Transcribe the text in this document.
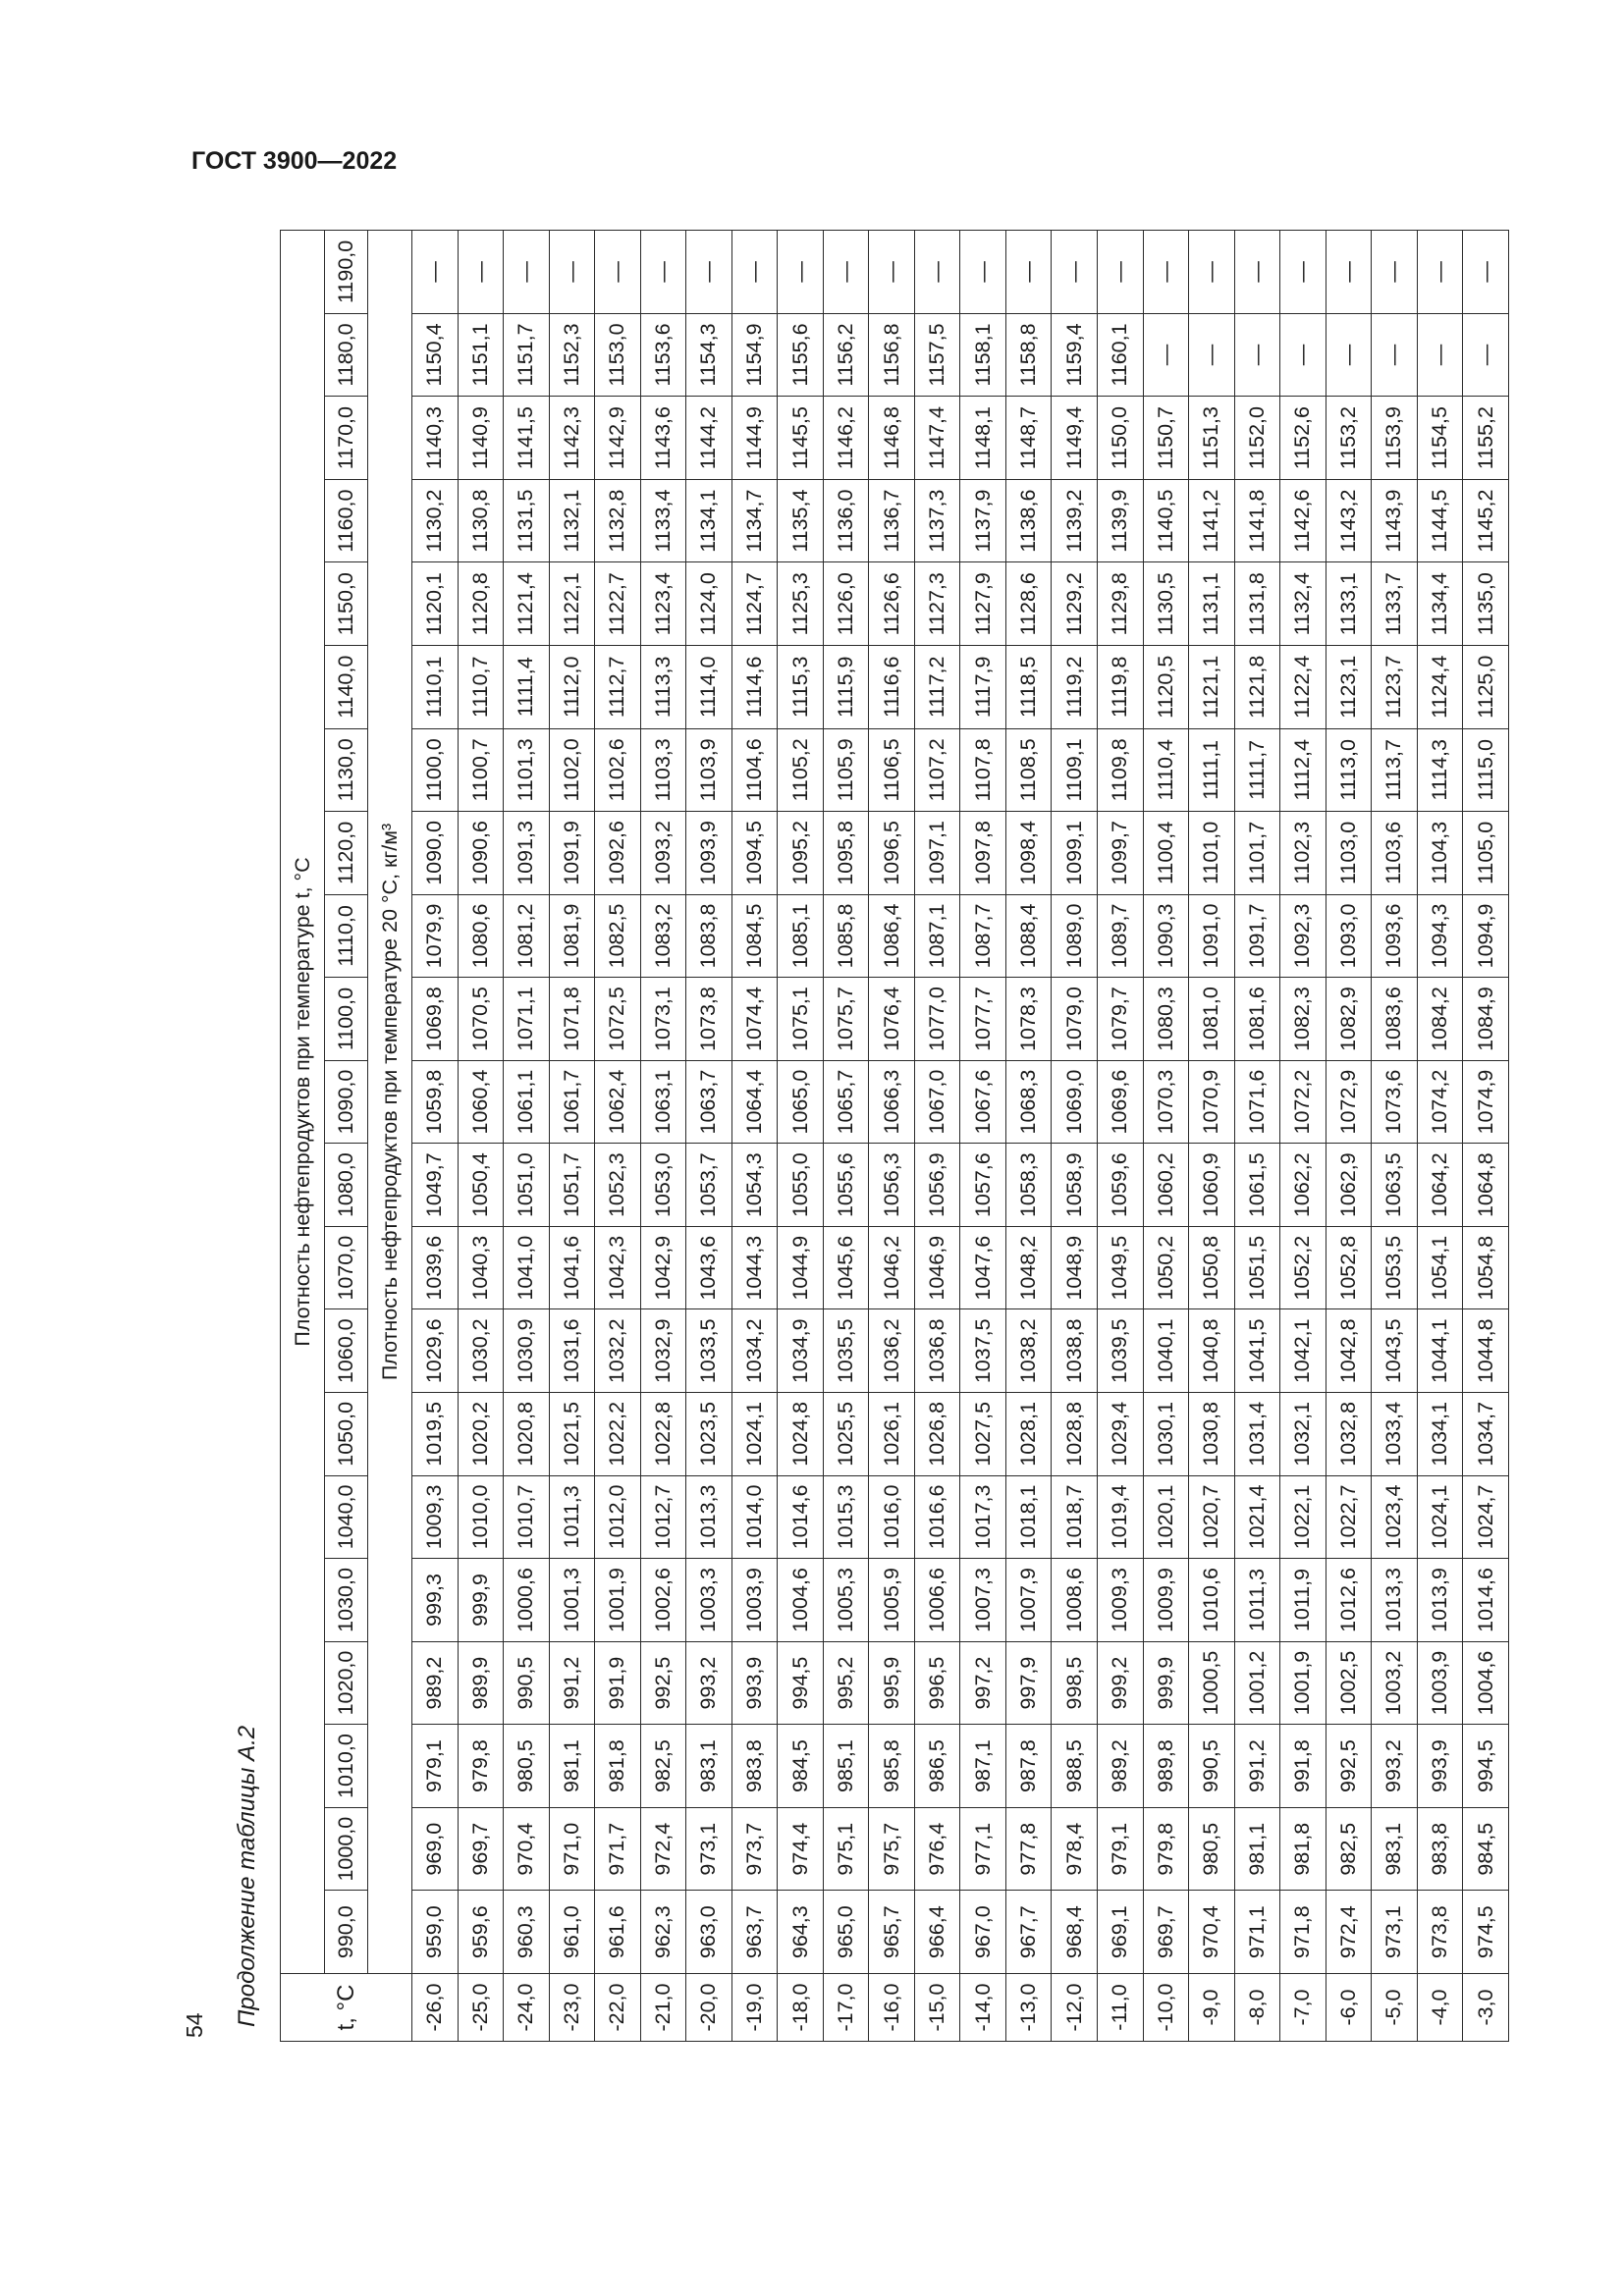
ГОСТ 3900—2022
54 Продолжение таблицы А.2
t, °C	Плотность нефтепродуктов при температуре t, °C																				
	990,0	1000,0	1010,0	1020,0	1030,0	1040,0	1050,0	1060,0	1070,0	1080,0	1090,0	1100,0	1110,0	1120,0	1130,0	1140,0	1150,0	1160,0	1170,0	1180,0	1190,0
	Плотность нефтепродуктов при температуре 20 °С, кг/м³																				
-26,0	959,0	969,0	979,1	989,2	999,3	1009,3	1019,5	1029,6	1039,6	1049,7	1059,8	1069,8	1079,9	1090,0	1100,0	1110,1	1120,1	1130,2	1140,3	1150,4	—
-25,0	959,6	969,7	979,8	989,9	999,9	1010,0	1020,2	1030,2	1040,3	1050,4	1060,4	1070,5	1080,6	1090,6	1100,7	1110,7	1120,8	1130,8	1140,9	1151,1	—
-24,0	960,3	970,4	980,5	990,5	1000,6	1010,7	1020,8	1030,9	1041,0	1051,0	1061,1	1071,1	1081,2	1091,3	1101,3	1111,4	1121,4	1131,5	1141,5	1151,7	—
-23,0	961,0	971,0	981,1	991,2	1001,3	1011,3	1021,5	1031,6	1041,6	1051,7	1061,7	1071,8	1081,9	1091,9	1102,0	1112,0	1122,1	1132,1	1142,3	1152,3	—
-22,0	961,6	971,7	981,8	991,9	1001,9	1012,0	1022,2	1032,2	1042,3	1052,3	1062,4	1072,5	1082,5	1092,6	1102,6	1112,7	1122,7	1132,8	1142,9	1153,0	—
-21,0	962,3	972,4	982,5	992,5	1002,6	1012,7	1022,8	1032,9	1042,9	1053,0	1063,1	1073,1	1083,2	1093,2	1103,3	1113,3	1123,4	1133,4	1143,6	1153,6	—
-20,0	963,0	973,1	983,1	993,2	1003,3	1013,3	1023,5	1033,5	1043,6	1053,7	1063,7	1073,8	1083,8	1093,9	1103,9	1114,0	1124,0	1134,1	1144,2	1154,3	—
-19,0	963,7	973,7	983,8	993,9	1003,9	1014,0	1024,1	1034,2	1044,3	1054,3	1064,4	1074,4	1084,5	1094,5	1104,6	1114,6	1124,7	1134,7	1144,9	1154,9	—
-18,0	964,3	974,4	984,5	994,5	1004,6	1014,6	1024,8	1034,9	1044,9	1055,0	1065,0	1075,1	1085,1	1095,2	1105,2	1115,3	1125,3	1135,4	1145,5	1155,6	—
-17,0	965,0	975,1	985,1	995,2	1005,3	1015,3	1025,5	1035,5	1045,6	1055,6	1065,7	1075,7	1085,8	1095,8	1105,9	1115,9	1126,0	1136,0	1146,2	1156,2	—
-16,0	965,7	975,7	985,8	995,9	1005,9	1016,0	1026,1	1036,2	1046,2	1056,3	1066,3	1076,4	1086,4	1096,5	1106,5	1116,6	1126,6	1136,7	1146,8	1156,8	—
-15,0	966,4	976,4	986,5	996,5	1006,6	1016,6	1026,8	1036,8	1046,9	1056,9	1067,0	1077,0	1087,1	1097,1	1107,2	1117,2	1127,3	1137,3	1147,4	1157,5	—
-14,0	967,0	977,1	987,1	997,2	1007,3	1017,3	1027,5	1037,5	1047,6	1057,6	1067,6	1077,7	1087,7	1097,8	1107,8	1117,9	1127,9	1137,9	1148,1	1158,1	—
-13,0	967,7	977,8	987,8	997,9	1007,9	1018,1	1028,1	1038,2	1048,2	1058,3	1068,3	1078,3	1088,4	1098,4	1108,5	1118,5	1128,6	1138,6	1148,7	1158,8	—
-12,0	968,4	978,4	988,5	998,5	1008,6	1018,7	1028,8	1038,8	1048,9	1058,9	1069,0	1079,0	1089,0	1099,1	1109,1	1119,2	1129,2	1139,2	1149,4	1159,4	—
-11,0	969,1	979,1	989,2	999,2	1009,3	1019,4	1029,4	1039,5	1049,5	1059,6	1069,6	1079,7	1089,7	1099,7	1109,8	1119,8	1129,8	1139,9	1150,0	1160,1	—
-10,0	969,7	979,8	989,8	999,9	1009,9	1020,1	1030,1	1040,1	1050,2	1060,2	1070,3	1080,3	1090,3	1100,4	1110,4	1120,5	1130,5	1140,5	1150,7	—	—
-9,0	970,4	980,5	990,5	1000,5	1010,6	1020,7	1030,8	1040,8	1050,8	1060,9	1070,9	1081,0	1091,0	1101,0	1111,1	1121,1	1131,1	1141,2	1151,3	—	—
-8,0	971,1	981,1	991,2	1001,2	1011,3	1021,4	1031,4	1041,5	1051,5	1061,5	1071,6	1081,6	1091,7	1101,7	1111,7	1121,8	1131,8	1141,8	1152,0	—	—
-7,0	971,8	981,8	991,8	1001,9	1011,9	1022,1	1032,1	1042,1	1052,2	1062,2	1072,2	1082,3	1092,3	1102,3	1112,4	1122,4	1132,4	1142,6	1152,6	—	—
-6,0	972,4	982,5	992,5	1002,5	1012,6	1022,7	1032,8	1042,8	1052,8	1062,9	1072,9	1082,9	1093,0	1103,0	1113,0	1123,1	1133,1	1143,2	1153,2	—	—
-5,0	973,1	983,1	993,2	1003,2	1013,3	1023,4	1033,4	1043,5	1053,5	1063,5	1073,6	1083,6	1093,6	1103,6	1113,7	1123,7	1133,7	1143,9	1153,9	—	—
-4,0	973,8	983,8	993,9	1003,9	1013,9	1024,1	1034,1	1044,1	1054,1	1064,2	1074,2	1084,2	1094,3	1104,3	1114,3	1124,4	1134,4	1144,5	1154,5	—	—
-3,0	974,5	984,5	994,5	1004,6	1014,6	1024,7	1034,7	1044,8	1054,8	1064,8	1074,9	1084,9	1094,9	1105,0	1115,0	1125,0	1135,0	1145,2	1155,2	—	—
